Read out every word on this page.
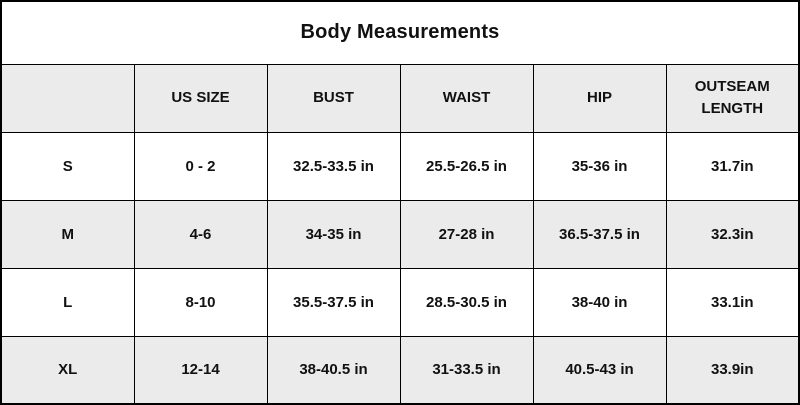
Body Measurements					
	US SIZE	BUST	WAIST	HIP	OUTSEAM LENGTH
S	0 - 2	32.5-33.5 in	25.5-26.5 in	35-36 in	31.7in
M	4-6	34-35 in	27-28 in	36.5-37.5 in	32.3in
L	8-10	35.5-37.5 in	28.5-30.5 in	38-40 in	33.1in
XL	12-14	38-40.5 in	31-33.5 in	40.5-43 in	33.9in
